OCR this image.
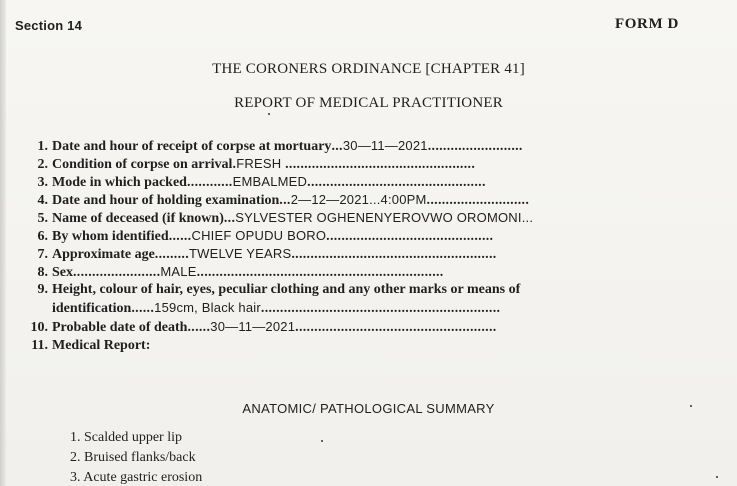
Section 14	FORM D
THE CORONERS ORDINANCE [CHAPTER 41]
REPORT OF MEDICAL PRACTITIONER
1. Date and hour of receipt of corpse at mortuary...30—11—2021.........................
2. Condition of corpse on arrival.FRESH ..................................................
3. Mode in which packed............EMBALMED...............................................
4. Date and hour of holding examination...2—12—2021...4:00PM...........................
5. Name of deceased (if known)...SYLVESTER OGHENENYEROVWO OROMONI...
6. By whom identified......CHIEF OPUDU BORO............................................
7. Approximate age.........TWELVE YEARS......................................................
8. Sex.......................MALE.................................................................
9. Height, colour of hair, eyes, peculiar clothing and any other marks or means of
identification......159cm, Black hair...............................................................
10. Probable date of death......30—11—2021.....................................................
11. Medical Report:
ANATOMIC/ PATHOLOGICAL SUMMARY
1. Scalded upper lip
2. Bruised flanks/back
3. Acute gastric erosion
